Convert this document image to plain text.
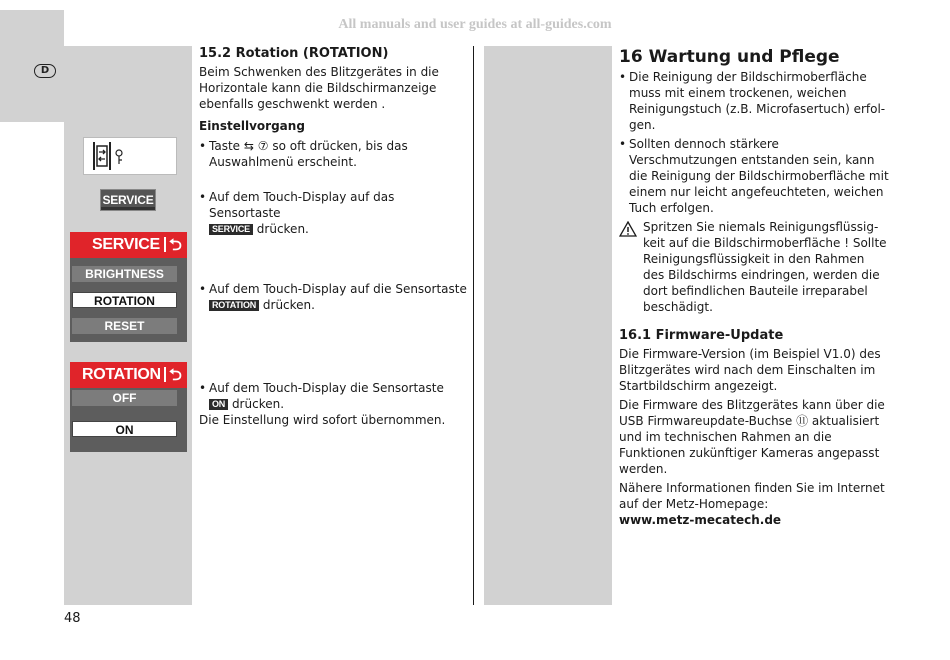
All manuals and user guides at all-guides.com
D
SERVICE
SERVICE ⮌
BRIGHTNESS
ROTATION
RESET
ROTATION ⮌
OFF
ON
15.2 Rotation (ROTATION)
Beim Schwenken des Blitzgerätes in die Horizontale kann die Bildschirmanzeige ebenfalls geschwenkt werden .
Einstellvorgang
• Taste ⇆ ⑦ so oft drücken, bis das Auswahlmenü erscheint.
• Auf dem Touch-Display auf das Sensortaste
SERVICE drücken.
• Auf dem Touch-Display auf die Sensortaste
ROTATION drücken.
• Auf dem Touch-Display die Sensortaste
ON drücken.
Die Einstellung wird sofort übernommen.
16 Wartung und Pflege
• Die Reinigung der Bildschirmoberfläche muss mit einem trockenen, weichen Reinigungstuch (z.B. Microfasertuch) erfol-gen.
• Sollten dennoch stärkere Verschmutzungen entstanden sein, kann die Reinigung der Bildschirmoberfläche mit einem nur leicht angefeuchteten, weichen Tuch erfolgen.
Spritzen Sie niemals Reinigungsflüssig-keit auf die Bildschirmoberfläche ! Sollte Reinigungsflüssigkeit in den Rahmen des Bildschirms eindringen, werden die dort befindlichen Bauteile irreparabel beschädigt.
16.1 Firmware-Update
Die Firmware-Version (im Beispiel V1.0) des Blitzgerätes wird nach dem Einschalten im Startbildschirm angezeigt.
Die Firmware des Blitzgerätes kann über die USB Firmwareupdate-Buchse ⑪ aktualisiert und im technischen Rahmen an die Funktionen zukünftiger Kameras angepasst werden.
Nähere Informationen finden Sie im Internet auf der Metz-Homepage:
www.metz-mecatech.de
48
